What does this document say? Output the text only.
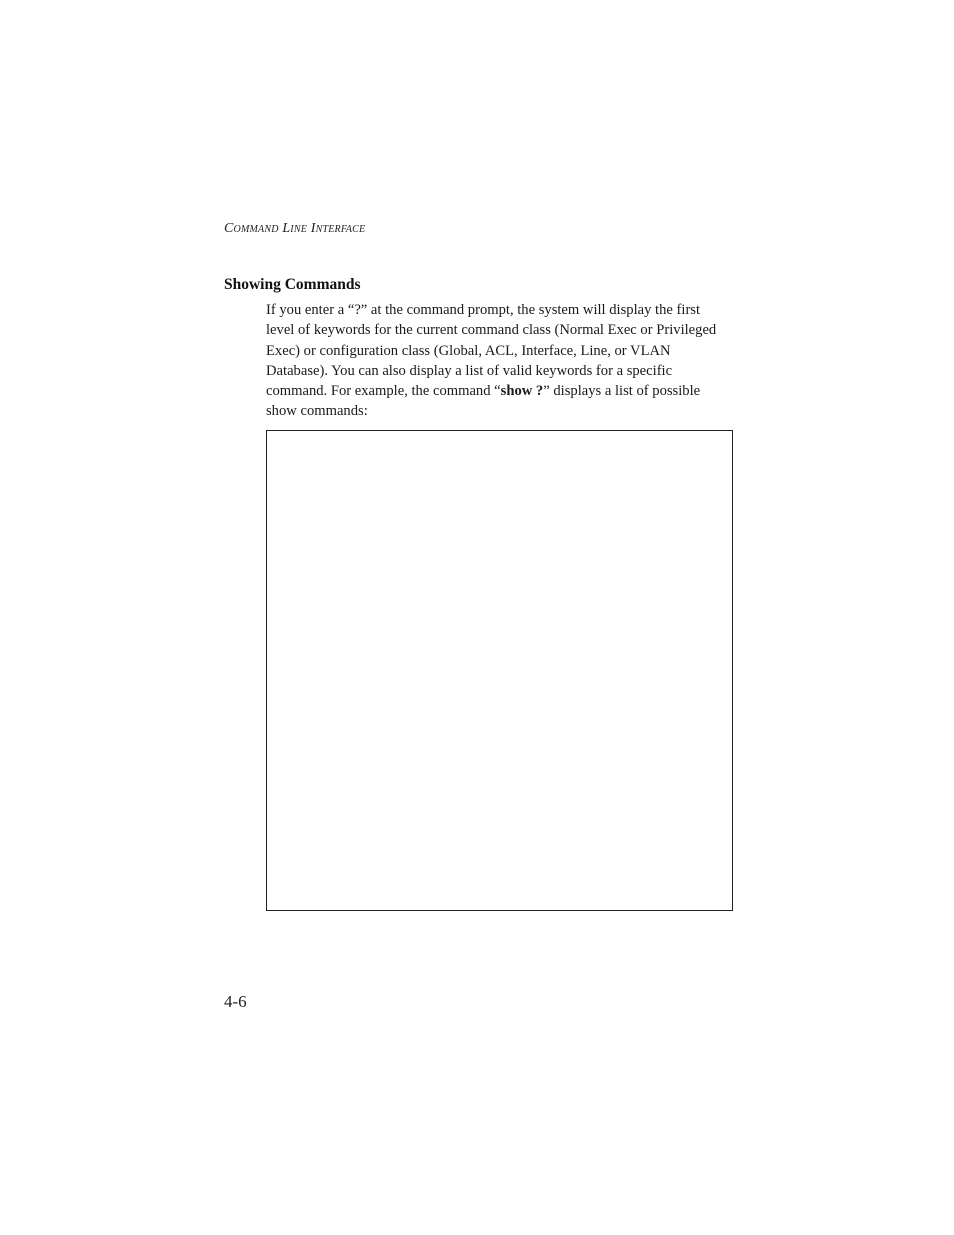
Command Line Interface
Showing Commands
If you enter a “?” at the command prompt, the system will display the first
level of keywords for the current command class (Normal Exec or Privileged
Exec) or configuration class (Global, ACL, Interface, Line, or VLAN
Database). You can also display a list of valid keywords for a specific
command. For example, the command “show ?” displays a list of possible
show commands:
4-6
